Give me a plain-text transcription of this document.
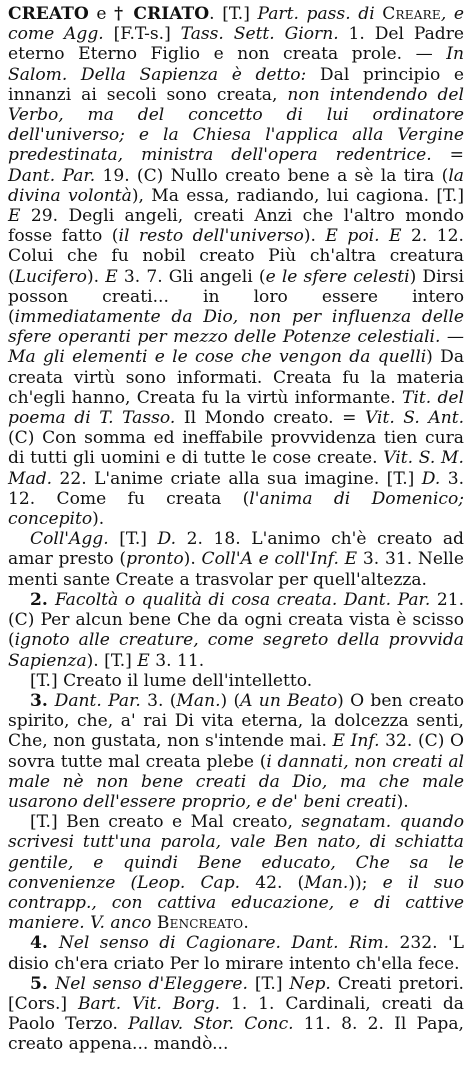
CREATO e † CRIATO. [T.] Part. pass. di Creare, e come Agg. [F.T-s.] Tass. Sett. Giorn. 1. Del Padre eterno Eterno Figlio e non creata prole. — In Salom. Della Sapienza è detto: Dal principio e innanzi ai secoli sono creata, non intendendo del Verbo, ma del concetto di lui ordinatore dell'universo; e la Chiesa l'applica alla Vergine predestinata, ministra dell'opera redentrice. = Dant. Par. 19. (C) Nullo creato bene a sè la tira (la divina volontà), Ma essa, radiando, lui cagiona. [T.] E 29. Degli angeli, creati Anzi che l'altro mondo fosse fatto (il resto dell'universo). E poi. E 2. 12. Colui che fu nobil creato Più ch'altra creatura (Lucifero). E 3. 7. Gli angeli (e le sfere celesti) Dirsi posson creati... in loro essere intero (immediatamente da Dio, non per influenza delle sfere operanti per mezzo delle Potenze celestiali. — Ma gli elementi e le cose che vengon da quelli) Da creata virtù sono informati. Creata fu la materia ch'egli hanno, Creata fu la virtù informante. Tit. del poema di T. Tasso. Il Mondo creato. = Vit. S. Ant. (C) Con somma ed ineffabile provvidenza tien cura di tutti gli uomini e di tutte le cose create. Vit. S. M. Mad. 22. L'anime criate alla sua imagine. [T.] D. 3. 12. Come fu creata (l'anima di Domenico; concepito).

Coll'Agg. [T.] D. 2. 18. L'animo ch'è creato ad amar presto (pronto). Coll'A e coll'Inf. E 3. 31. Nelle menti sante Create a trasvolar per quell'altezza.

2. Facoltà o qualità di cosa creata. Dant. Par. 21. (C) Per alcun bene Che da ogni creata vista è scisso (ignoto alle creature, come segreto della provvida Sapienza). [T.] E 3. 11.

[T.] Creato il lume dell'intelletto.

3. Dant. Par. 3. (Man.) (A un Beato) O ben creato spirito, che, a' rai Di vita eterna, la dolcezza senti, Che, non gustata, non s'intende mai. E Inf. 32. (C) O sovra tutte mal creata plebe (i dannati, non creati al male nè non bene creati da Dio, ma che male usarono dell'essere proprio, e de' beni creati).

[T.] Ben creato e Mal creato, segnatam. quando scrivesi tutt'una parola, vale Ben nato, di schiatta gentile, e quindi Bene educato, Che sa le convenienze (Leop. Cap. 42. (Man.)); e il suo contrapp., con cattiva educazione, e di cattive maniere. V. anco Bencreato.

4. Nel senso di Cagionare. Dant. Rim. 232. 'L disio ch'era criato Per lo mirare intento ch'ella fece.

5. Nel senso d'Eleggere. [T.] Nep. Creati pretori. [Cors.] Bart. Vit. Borg. 1. 1. Cardinali, creati da Paolo Terzo. Pallav. Stor. Conc. 11. 8. 2. Il Papa, creato appena... mandò...
